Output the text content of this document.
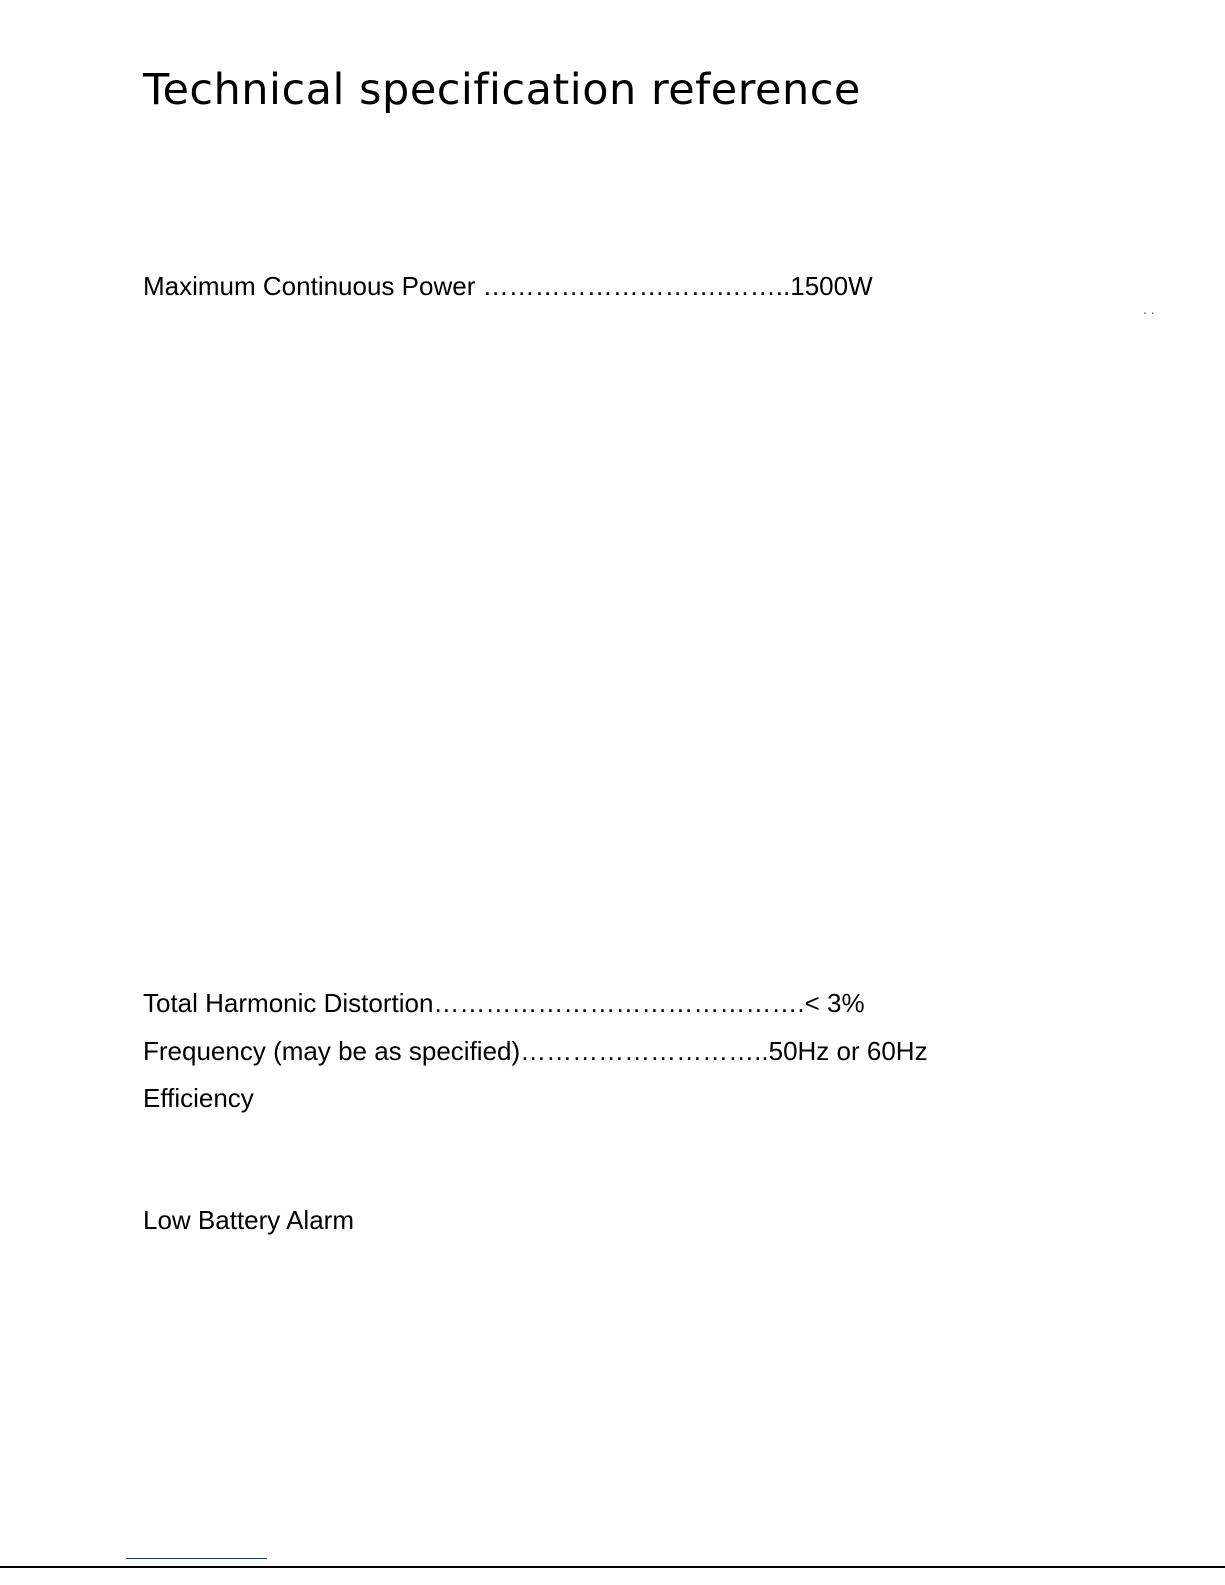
Technical specification reference
Maximum Continuous Power ……………………….……..1500W
. .
Total Harmonic Distortion…………………………………….< 3%
Frequency (may be as specified)………………………..50Hz or 60Hz
Efficiency
Low Battery Alarm
